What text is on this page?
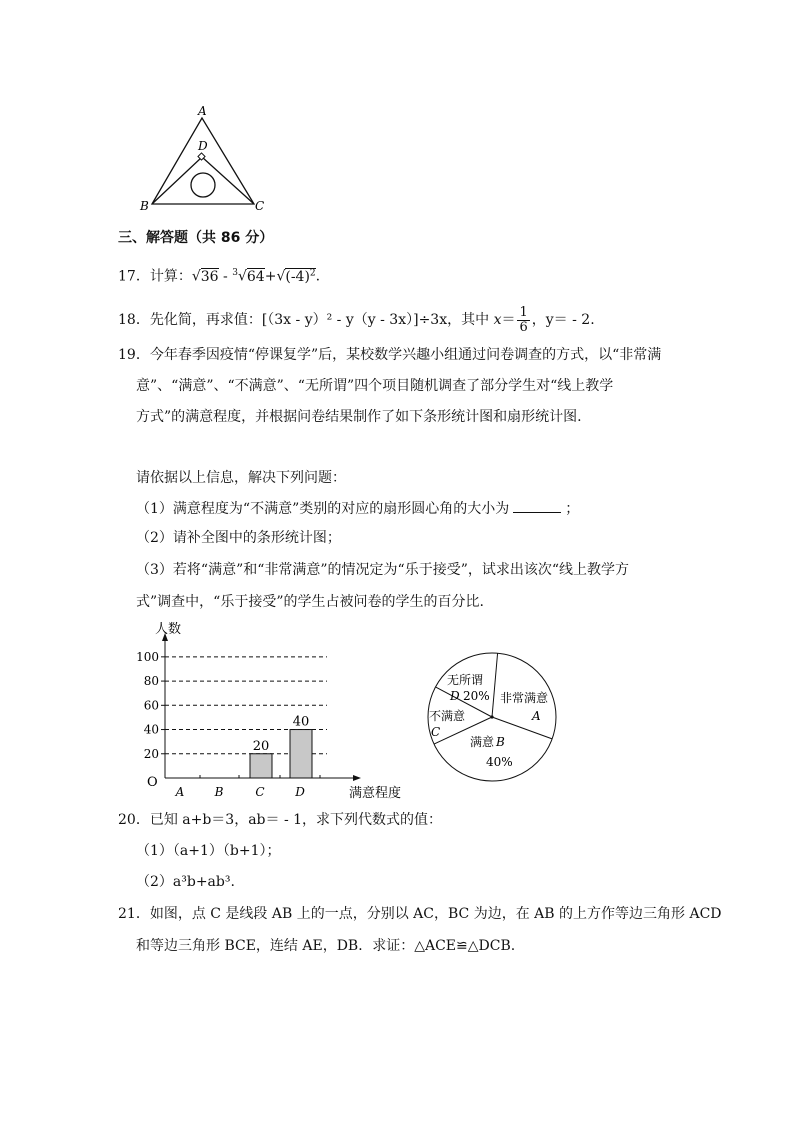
A
D
B	C
三、解答题（共 86 分）
17．计算：$√36 - ^3√64+√(-4)^2$.
18．先化简，再求值：[（3x - y）² - y（y - 3x）]÷3x，其中 $x= \frac{1}{6}$ ，y＝ - 2.
19．今年春季因疫情“停课复学”后，某校数学兴趣小组通过问卷调查的方式，以“非常满
意”、“满意”、“不满意”、“无所谓”四个项目随机调查了部分学生对“线上教学
方式”的满意程度，并根据问卷结果制作了如下条形统计图和扇形统计图.
请依据以上信息，解决下列问题：
（1）满意程度为“不满意”类别的对应的扇形圆心角的大小为	；
（2）请补全图中的条形统计图；
（3）若将“满意”和“非常满意”的情况定为“乐于接受”，试求出该次“线上教学方
式”调查中，“乐于接受”的学生占被问卷的学生的百分比.
人数
满意程度
O
100
80
60
40
20
A	B	C
20
D
40
非常满意
A
满意 B
40%
不满意
C
无所谓
D 20%
20．已知 a+b＝3，ab＝ - 1，求下列代数式的值：
（1）（a+1）（b+1）；
（2）a³b+ab³.
21．如图，点 C 是线段 AB 上的一点，分别以 AC，BC 为边，在 AB 的上方作等边三角形 ACD
和等边三角形 BCE，连结 AE，DB．求证：△ACE≌△DCB.
